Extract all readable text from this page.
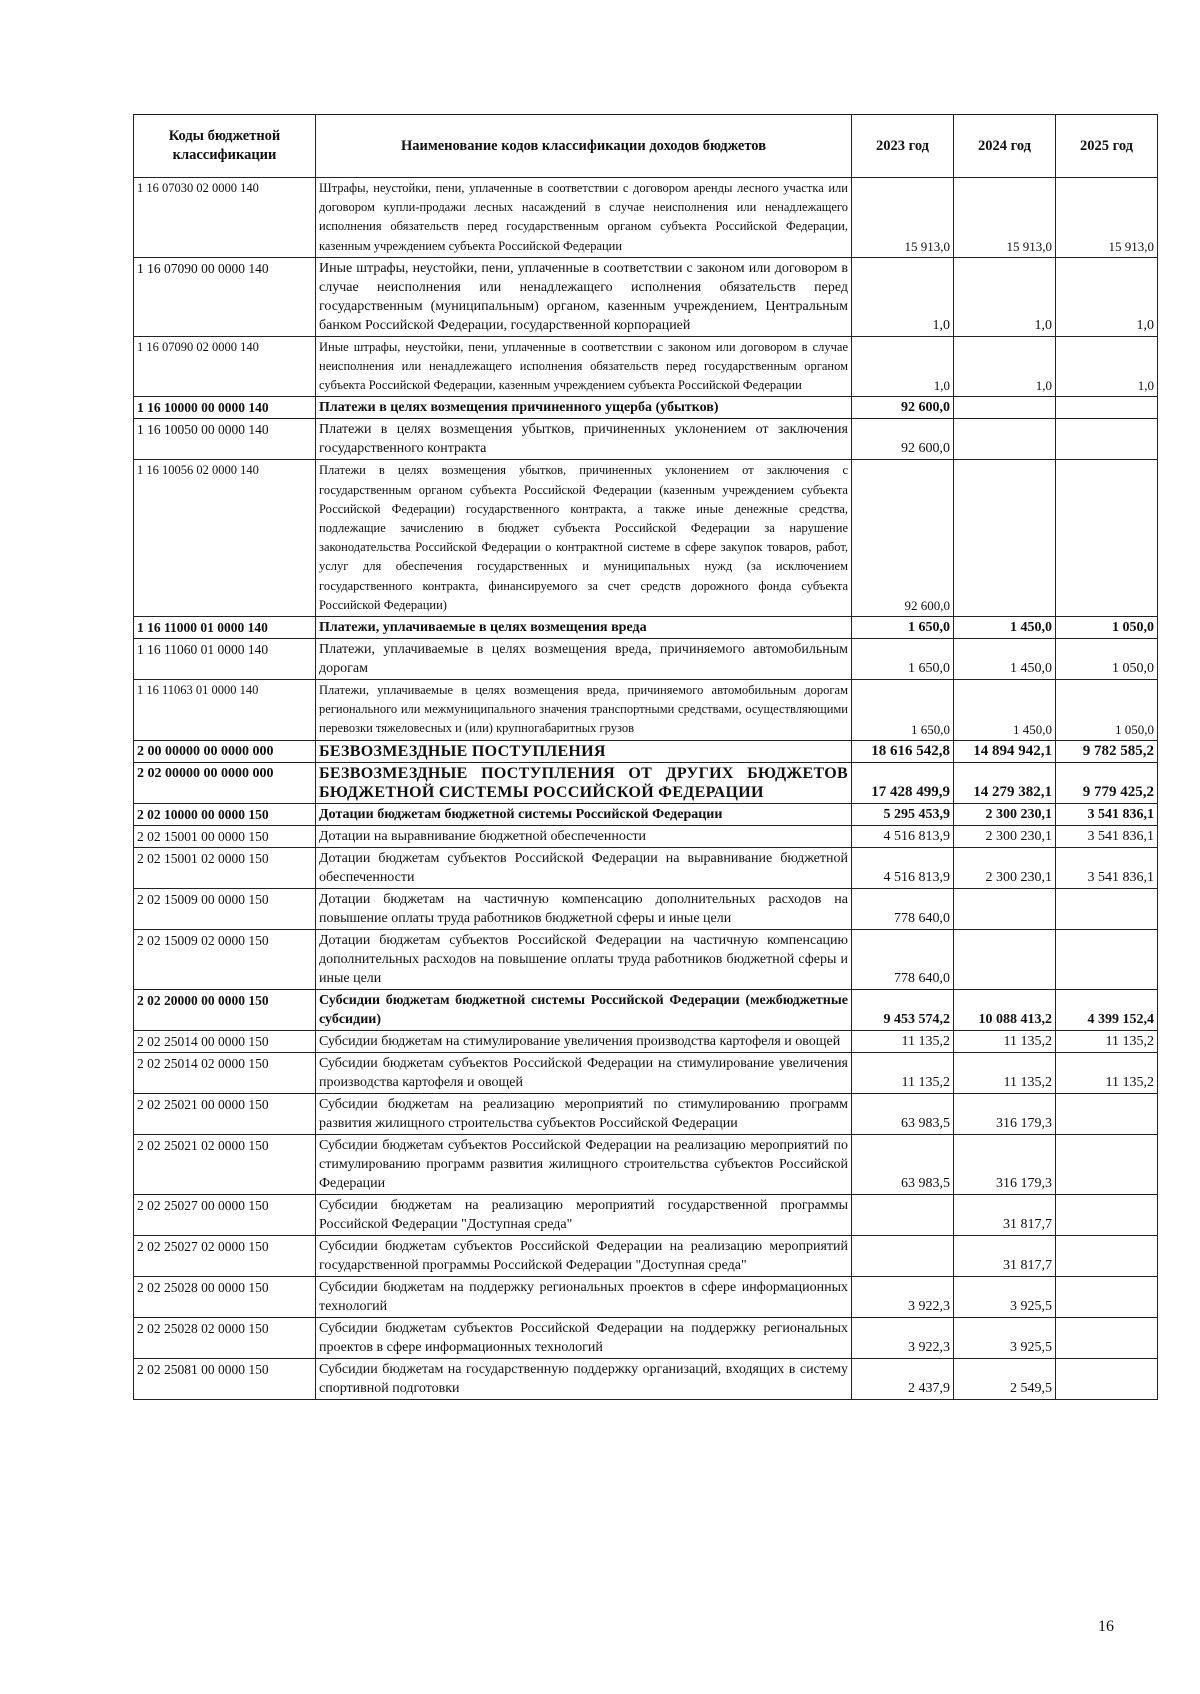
Коды бюджетной классификации	Наименование кодов классификации доходов бюджетов	2023 год	2024 год	2025 год
1 16 07030 02 0000 140	Штрафы, неустойки, пени, уплаченные в соответствии с договором аренды лесного участка или договором купли-продажи лесных насаждений в случае неисполнения или ненадлежащего исполнения обязательств перед государственным органом субъекта Российской Федерации, казенным учреждением субъекта Российской Федерации	15 913,0	15 913,0	15 913,0
1 16 07090 00 0000 140	Иные штрафы, неустойки, пени, уплаченные в соответствии с законом или договором в случае неисполнения или ненадлежащего исполнения обязательств перед государственным (муниципальным) органом, казенным учреждением, Центральным банком Российской Федерации, государственной корпорацией	1,0	1,0	1,0
1 16 07090 02 0000 140	Иные штрафы, неустойки, пени, уплаченные в соответствии с законом или договором в случае неисполнения или ненадлежащего исполнения обязательств перед государственным органом субъекта Российской Федерации, казенным учреждением субъекта Российской Федерации	1,0	1,0	1,0
1 16 10000 00 0000 140	Платежи в целях возмещения причиненного ущерба (убытков)	92 600,0		
1 16 10050 00 0000 140	Платежи в целях возмещения убытков, причиненных уклонением от заключения государственного контракта	92 600,0		
1 16 10056 02 0000 140	Платежи в целях возмещения убытков, причиненных уклонением от заключения с государственным органом субъекта Российской Федерации (казенным учреждением субъекта Российской Федерации) государственного контракта, а также иные денежные средства, подлежащие зачислению в бюджет субъекта Российской Федерации за нарушение законодательства Российской Федерации о контрактной системе в сфере закупок товаров, работ, услуг для обеспечения государственных и муниципальных нужд (за исключением государственного контракта, финансируемого за счет средств дорожного фонда субъекта Российской Федерации)	92 600,0		
1 16 11000 01 0000 140	Платежи, уплачиваемые в целях возмещения вреда	1 650,0	1 450,0	1 050,0
1 16 11060 01 0000 140	Платежи, уплачиваемые в целях возмещения вреда, причиняемого автомобильным дорогам	1 650,0	1 450,0	1 050,0
1 16 11063 01 0000 140	Платежи, уплачиваемые в целях возмещения вреда, причиняемого автомобильным дорогам регионального или межмуниципального значения транспортными средствами, осуществляющими перевозки тяжеловесных и (или) крупногабаритных грузов	1 650,0	1 450,0	1 050,0
2 00 00000 00 0000 000	БЕЗВОЗМЕЗДНЫЕ ПОСТУПЛЕНИЯ	18 616 542,8	14 894 942,1	9 782 585,2
2 02 00000 00 0000 000	БЕЗВОЗМЕЗДНЫЕ ПОСТУПЛЕНИЯ ОТ ДРУГИХ БЮДЖЕТОВ БЮДЖЕТНОЙ СИСТЕМЫ РОССИЙСКОЙ ФЕДЕРАЦИИ	17 428 499,9	14 279 382,1	9 779 425,2
2 02 10000 00 0000 150	Дотации бюджетам бюджетной системы Российской Федерации	5 295 453,9	2 300 230,1	3 541 836,1
2 02 15001 00 0000 150	Дотации на выравнивание бюджетной обеспеченности	4 516 813,9	2 300 230,1	3 541 836,1
2 02 15001 02 0000 150	Дотации бюджетам субъектов Российской Федерации на выравнивание бюджетной обеспеченности	4 516 813,9	2 300 230,1	3 541 836,1
2 02 15009 00 0000 150	Дотации бюджетам на частичную компенсацию дополнительных расходов на повышение оплаты труда работников бюджетной сферы и иные цели	778 640,0		
2 02 15009 02 0000 150	Дотации бюджетам субъектов Российской Федерации на частичную компенсацию дополнительных расходов на повышение оплаты труда работников бюджетной сферы и иные цели	778 640,0		
2 02 20000 00 0000 150	Субсидии бюджетам бюджетной системы Российской Федерации (межбюджетные субсидии)	9 453 574,2	10 088 413,2	4 399 152,4
2 02 25014 00 0000 150	Субсидии бюджетам на стимулирование увеличения производства картофеля и овощей	11 135,2	11 135,2	11 135,2
2 02 25014 02 0000 150	Субсидии бюджетам субъектов Российской Федерации на стимулирование увеличения производства картофеля и овощей	11 135,2	11 135,2	11 135,2
2 02 25021 00 0000 150	Субсидии бюджетам на реализацию мероприятий по стимулированию программ развития жилищного строительства субъектов Российской Федерации	63 983,5	316 179,3	
2 02 25021 02 0000 150	Субсидии бюджетам субъектов Российской Федерации на реализацию мероприятий по стимулированию программ развития жилищного строительства субъектов Российской Федерации	63 983,5	316 179,3	
2 02 25027 00 0000 150	Субсидии бюджетам на реализацию мероприятий государственной программы Российской Федерации "Доступная среда"		31 817,7	
2 02 25027 02 0000 150	Субсидии бюджетам субъектов Российской Федерации на реализацию мероприятий государственной программы Российской Федерации "Доступная среда"		31 817,7	
2 02 25028 00 0000 150	Субсидии бюджетам на поддержку региональных проектов в сфере информационных технологий	3 922,3	3 925,5	
2 02 25028 02 0000 150	Субсидии бюджетам субъектов Российской Федерации на поддержку региональных проектов в сфере информационных технологий	3 922,3	3 925,5	
2 02 25081 00 0000 150	Субсидии бюджетам на государственную поддержку организаций, входящих в систему спортивной подготовки	2 437,9	2 549,5	
16
